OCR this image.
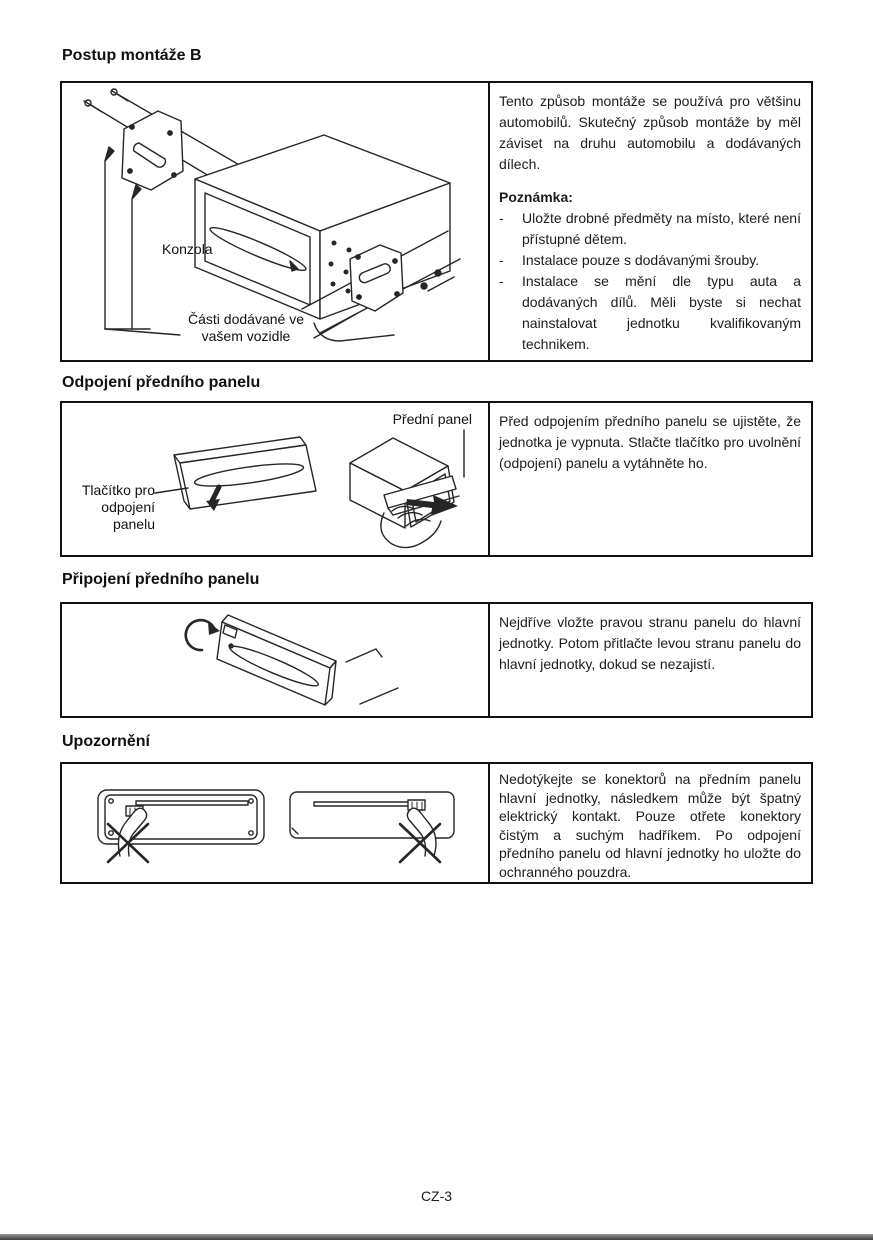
Postup montáže B
Konzola
Části dodávané ve
vašem vozidle

Tento způsob montáže se používá pro většinu automobilů. Skutečný způsob montáže by měl záviset na druhu automobilu a dodávaných dílech.

Poznámka:

-	Uložte drobné předměty na místo, které není přístupné dětem.
-	Instalace pouze s dodávanými šrouby.
-	Instalace se mění dle typu auta a dodávaných dílů. Měli byste si nechat nainstalovat jednotku kvalifikovaným technikem.
Odpojení předního panelu
Přední panel
Tlačítko pro
odpojení
panelu

Před odpojením předního panelu se ujistěte, že jednotka je vypnuta. Stlačte tlačítko pro uvolnění (odpojení) panelu a vytáhněte ho.

Připojení předního panelu

Nejdříve vložte pravou stranu panelu do hlavní jednotky. Potom přitlačte levou stranu panelu do hlavní jednotky, dokud se nezajistí.

Upozornění

Nedotýkejte se konektorů na předním panelu hlavní jednotky, následkem může být špatný elektrický kontakt. Pouze otřete konektory čistým a suchým hadříkem. Po odpojení předního panelu od hlavní jednotky ho uložte do ochranného pouzdra.

CZ-3
